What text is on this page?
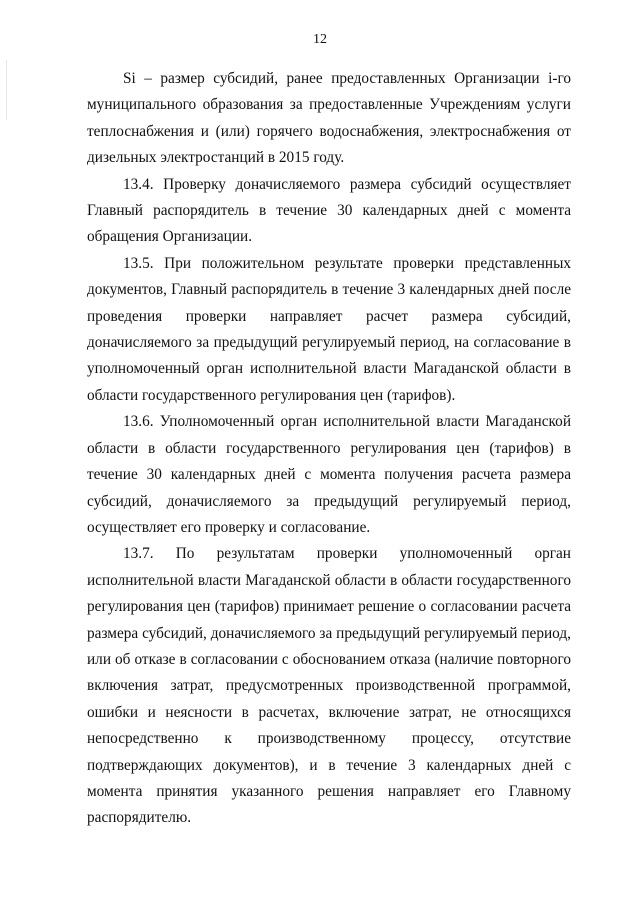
12

Si – размер субсидий, ранее предоставленных Организации i-го муниципального образования за предоставленные Учреждениям услуги теплоснабжения и (или) горячего водоснабжения, электроснабжения от дизельных электростанций в 2015 году.

13.4. Проверку доначисляемого размера субсидий осуществляет Главный распорядитель в течение 30 календарных дней с момента обращения Организации.

13.5. При положительном результате проверки представленных документов, Главный распорядитель в течение 3 календарных дней после проведения проверки направляет расчет размера субсидий, доначисляемого за предыдущий регулируемый период, на согласование в уполномоченный орган исполнительной власти Магаданской области в области государственного регулирования цен (тарифов).

13.6. Уполномоченный орган исполнительной власти Магаданской области в области государственного регулирования цен (тарифов) в течение 30 календарных дней с момента получения расчета размера субсидий, доначисляемого за предыдущий регулируемый период, осуществляет его проверку и согласование.

13.7. По результатам проверки уполномоченный орган исполнительной власти Магаданской области в области государственного регулирования цен (тарифов) принимает решение о согласовании расчета размера субсидий, доначисляемого за предыдущий регулируемый период, или об отказе в согласовании с обоснованием отказа (наличие повторного включения затрат, предусмотренных производственной программой, ошибки и неясности в расчетах, включение затрат, не относящихся непосредственно к производственному процессу, отсутствие подтверждающих документов), и в течение 3 календарных дней с момента принятия указанного решения направляет его Главному распорядителю.
